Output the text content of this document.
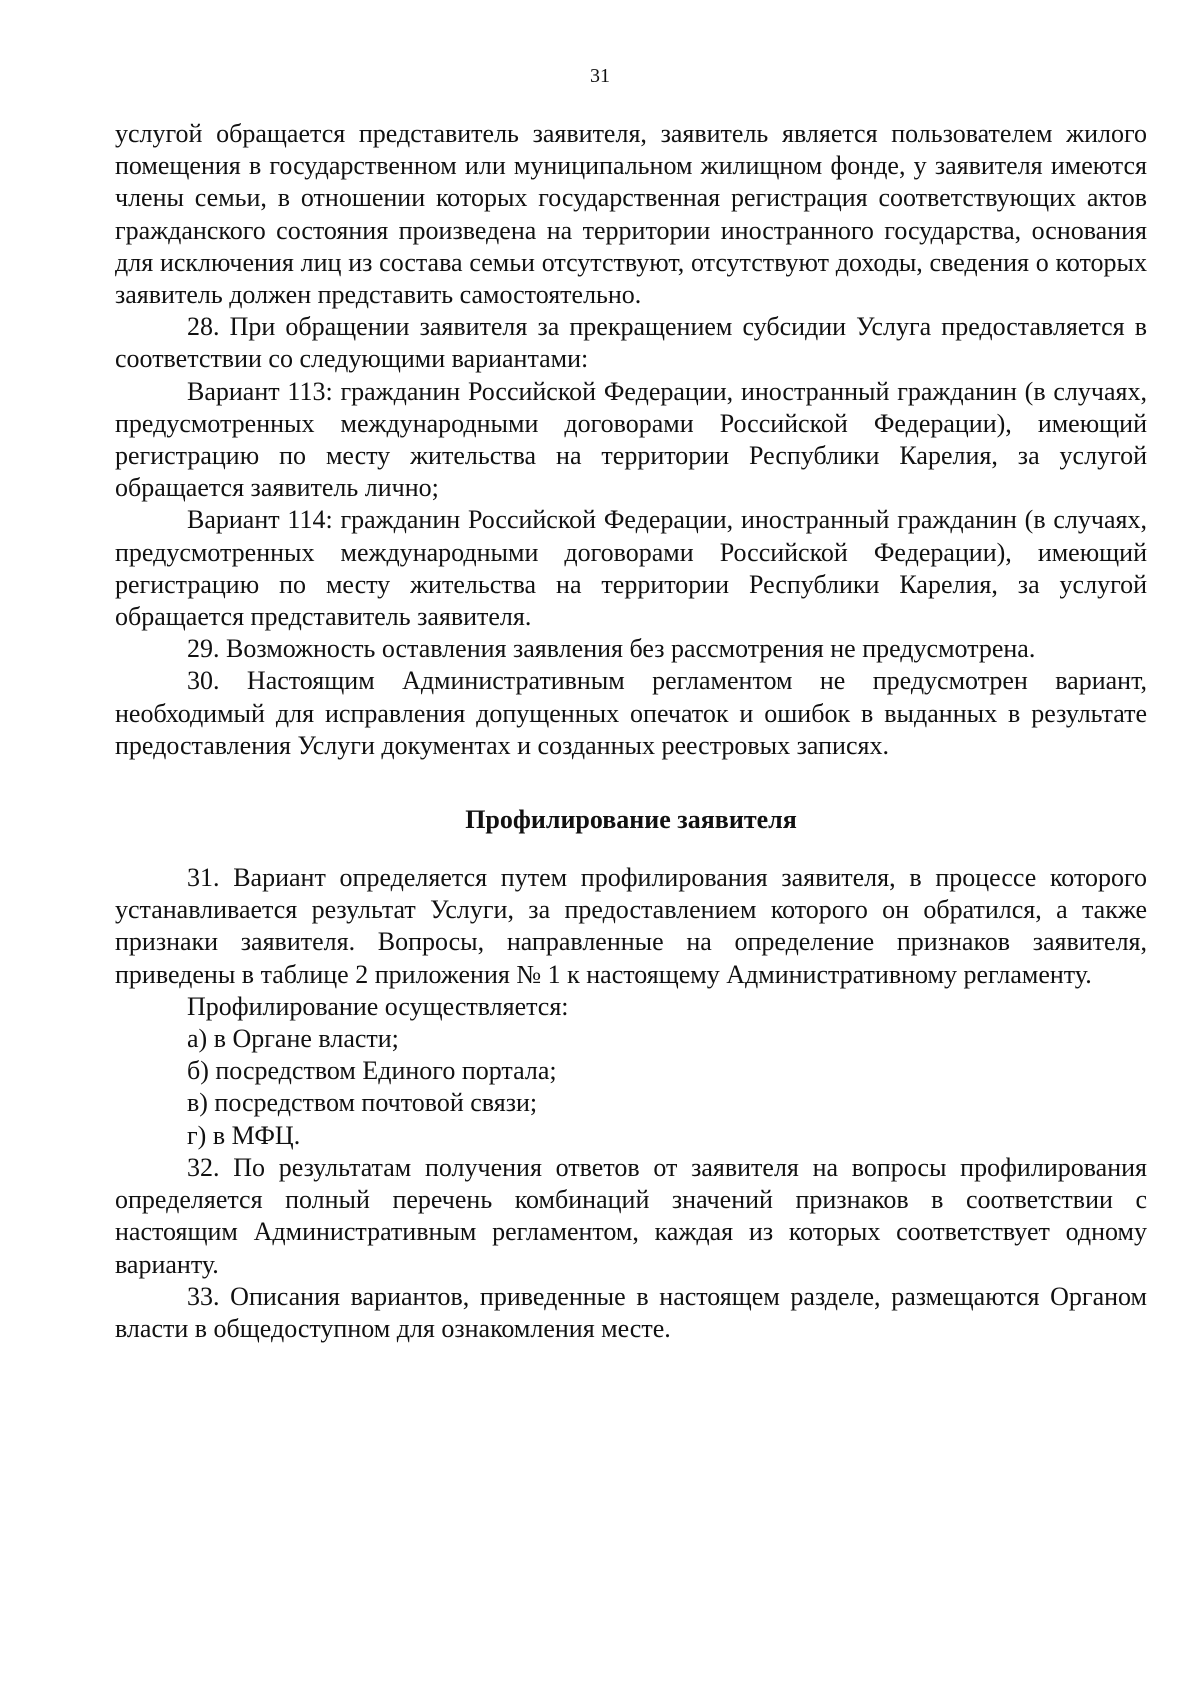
31

услугой обращается представитель заявителя, заявитель является пользователем жилого помещения в государственном или муниципальном жилищном фонде, у заявителя имеются члены семьи, в отношении которых государственная регистрация соответствующих актов гражданского состояния произведена на территории иностранного государства, основания для исключения лиц из состава семьи отсутствуют, отсутствуют доходы, сведения о которых заявитель должен представить самостоятельно.

28. При обращении заявителя за прекращением субсидии Услуга предоставляется в соответствии со следующими вариантами:

Вариант 113: гражданин Российской Федерации, иностранный гражданин (в случаях, предусмотренных международными договорами Российской Федерации), имеющий регистрацию по месту жительства на территории Республики Карелия, за услугой обращается заявитель лично;

Вариант 114: гражданин Российской Федерации, иностранный гражданин (в случаях, предусмотренных международными договорами Российской Федерации), имеющий регистрацию по месту жительства на территории Республики Карелия, за услугой обращается представитель заявителя.

29. Возможность оставления заявления без рассмотрения не предусмотрена.

30. Настоящим Административным регламентом не предусмотрен вариант, необходимый для исправления допущенных опечаток и ошибок в выданных в результате предоставления Услуги документах и созданных реестровых записях.

Профилирование заявителя

31. Вариант определяется путем профилирования заявителя, в процессе которого устанавливается результат Услуги, за предоставлением которого он обратился, а также признаки заявителя. Вопросы, направленные на определение признаков заявителя, приведены в таблице 2 приложения № 1 к настоящему Административному регламенту.

Профилирование осуществляется:

а) в Органе власти;

б) посредством Единого портала;

в) посредством почтовой связи;

г) в МФЦ.

32. По результатам получения ответов от заявителя на вопросы профилирования определяется полный перечень комбинаций значений признаков в соответствии с настоящим Административным регламентом, каждая из которых соответствует одному варианту.

33. Описания вариантов, приведенные в настоящем разделе, размещаются Органом власти в общедоступном для ознакомления месте.
